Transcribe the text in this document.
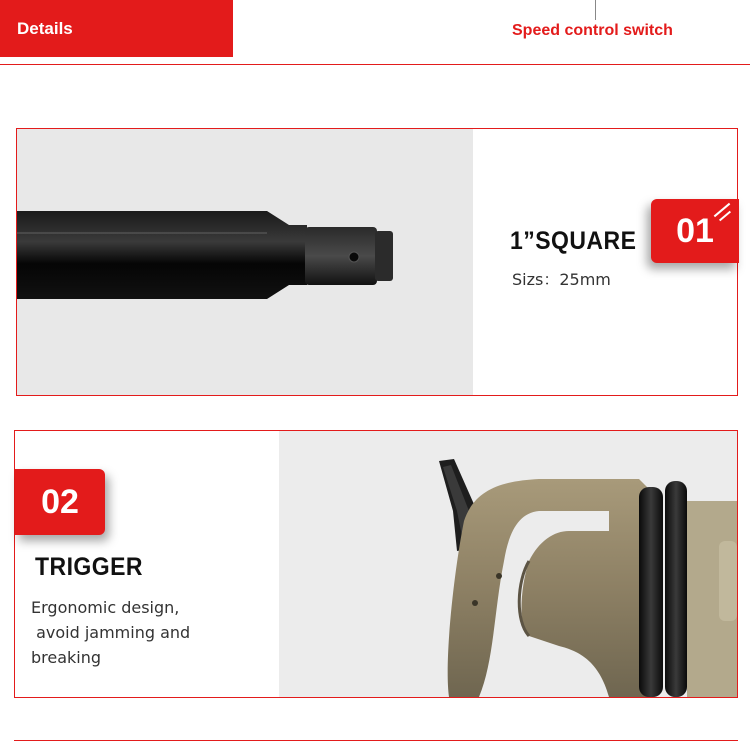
Details	Speed control switch
01
1”SQUARE
Sizs：25mm
02
TRIGGER
Ergonomic design,
avoid jamming and
breaking
